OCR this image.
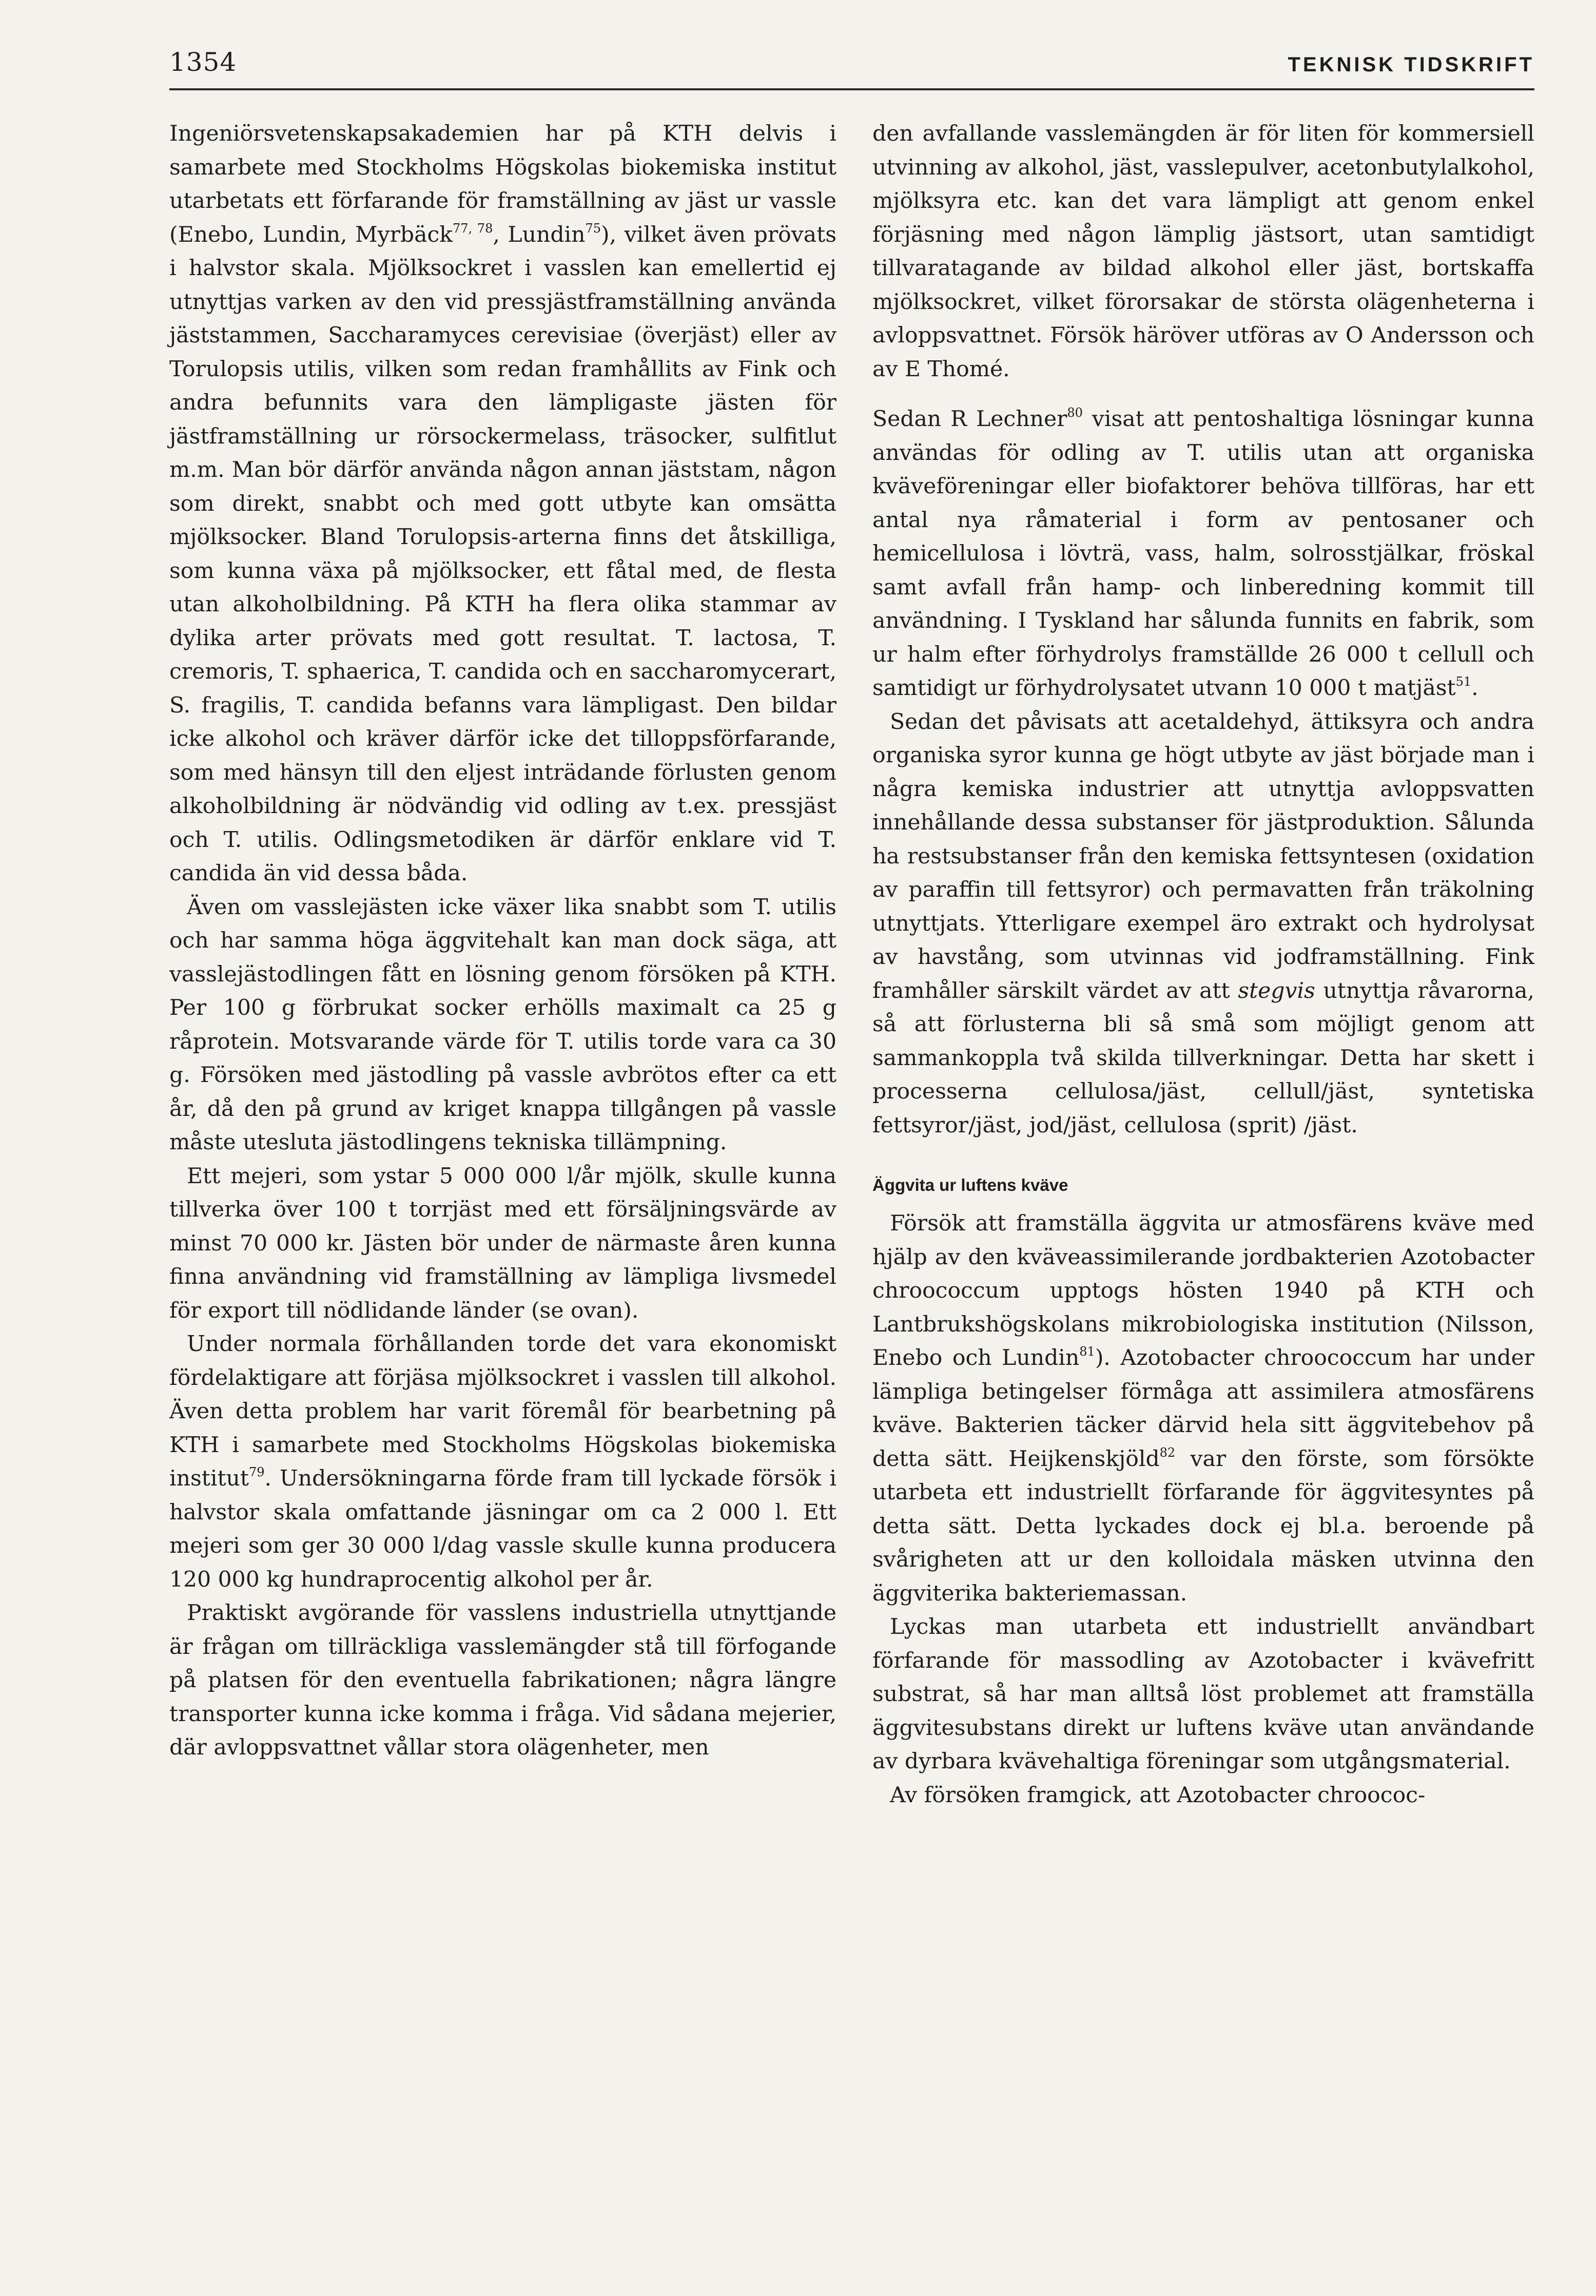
1354	TEKNISK TIDSKRIFT

Ingeniörsvetenskapsakademien har på KTH delvis i samarbete med Stockholms Högskolas biokemiska institut utarbetats ett förfarande för framställning av jäst ur vassle (Enebo, Lundin, Myrbäck$^{77, 78}$, Lundin$^{75}$), vilket även prövats i halvstor skala. Mjölksockret i vasslen kan emellertid ej utnyttjas varken av den vid pressjästframställning använda jäststammen, Saccharamyces cerevisiae (överjäst) eller av Torulopsis utilis, vilken som redan framhållits av Fink och andra befunnits vara den lämpligaste jästen för jästframställning ur rörsockermelass, träsocker, sulfitlut m.m. Man bör därför använda någon annan jäststam, någon som direkt, snabbt och med gott utbyte kan omsätta mjölksocker. Bland Torulopsis-arterna finns det åtskilliga, som kunna växa på mjölksocker, ett fåtal med, de flesta utan alkoholbildning. På KTH ha flera olika stammar av dylika arter prövats med gott resultat. T. lactosa, T. cremoris, T. sphaerica, T. candida och en saccharomycerart, S. fragilis, T. candida befanns vara lämpligast. Den bildar icke alkohol och kräver därför icke det tilloppsförfarande, som med hänsyn till den eljest inträdande förlusten genom alkoholbildning är nödvändig vid odling av t.ex. pressjäst och T. utilis. Odlingsmetodiken är därför enklare vid T. candida än vid dessa båda.

Även om vasslejästen icke växer lika snabbt som T. utilis och har samma höga äggvitehalt kan man dock säga, att vasslejästodlingen fått en lösning genom försöken på KTH. Per 100 g förbrukat socker erhölls maximalt ca 25 g råprotein. Motsvarande värde för T. utilis torde vara ca 30 g. Försöken med jästodling på vassle avbrötos efter ca ett år, då den på grund av kriget knappa tillgången på vassle måste utesluta jästodlingens tekniska tillämpning.

Ett mejeri, som ystar 5 000 000 l/år mjölk, skulle kunna tillverka över 100 t torrjäst med ett försäljningsvärde av minst 70 000 kr. Jästen bör under de närmaste åren kunna finna användning vid framställning av lämpliga livsmedel för export till nödlidande länder (se ovan).

Under normala förhållanden torde det vara ekonomiskt fördelaktigare att förjäsa mjölksockret i vasslen till alkohol. Även detta problem har varit föremål för bearbetning på KTH i samarbete med Stockholms Högskolas biokemiska institut$^{79}$. Undersökningarna förde fram till lyckade försök i halvstor skala omfattande jäsningar om ca 2 000 l. Ett mejeri som ger 30 000 l/dag vassle skulle kunna producera 120 000 kg hundraprocentig alkohol per år.

Praktiskt avgörande för vasslens industriella utnyttjande är frågan om tillräckliga vasslemängder stå till förfogande på platsen för den eventuella fabrikationen; några längre transporter kunna icke komma i fråga. Vid sådana mejerier, där avloppsvattnet vållar stora olägenheter, men

den avfallande vasslemängden är för liten för kommersiell utvinning av alkohol, jäst, vasslepulver, acetonbutylalkohol, mjölksyra etc. kan det vara lämpligt att genom enkel förjäsning med någon lämplig jästsort, utan samtidigt tillvaratagande av bildad alkohol eller jäst, bortskaffa mjölksockret, vilket förorsakar de största olägenheterna i avloppsvattnet. Försök häröver utföras av O Andersson och av E Thomé.

Sedan R Lechner$^{80}$ visat att pentoshaltiga lösningar kunna användas för odling av T. utilis utan att organiska kväveföreningar eller biofaktorer behöva tillföras, har ett antal nya råmaterial i form av pentosaner och hemicellulosa i lövträ, vass, halm, solrosstjälkar, fröskal samt avfall från hamp- och linberedning kommit till användning. I Tyskland har sålunda funnits en fabrik, som ur halm efter förhydrolys framställde 26 000 t cellull och samtidigt ur förhydrolysatet utvann 10 000 t matjäst$^{51}$.

Sedan det påvisats att acetaldehyd, ättiksyra och andra organiska syror kunna ge högt utbyte av jäst började man i några kemiska industrier att utnyttja avloppsvatten innehållande dessa substanser för jästproduktion. Sålunda ha restsubstanser från den kemiska fettsyntesen (oxidation av paraffin till fettsyror) och permavatten från träkolning utnyttjats. Ytterligare exempel äro extrakt och hydrolysat av havstång, som utvinnas vid jodframställning. Fink framhåller särskilt värdet av att stegvis utnyttja råvarorna, så att förlusterna bli så små som möjligt genom att sammankoppla två skilda tillverkningar. Detta har skett i processerna cellulosa/jäst, cellull/jäst, syntetiska fettsyror/jäst, jod/jäst, cellulosa (sprit) /jäst.

Äggvita ur luftens kväve

Försök att framställa äggvita ur atmosfärens kväve med hjälp av den kväveassimilerande jordbakterien Azotobacter chroococcum upptogs hösten 1940 på KTH och Lantbrukshögskolans mikrobiologiska institution (Nilsson, Enebo och Lundin$^{81}$). Azotobacter chroococcum har under lämpliga betingelser förmåga att assimilera atmosfärens kväve. Bakterien täcker därvid hela sitt äggvitebehov på detta sätt. Heijkenskjöld$^{82}$ var den förste, som försökte utarbeta ett industriellt förfarande för äggvitesyntes på detta sätt. Detta lyckades dock ej bl.a. beroende på svårigheten att ur den kolloidala mäsken utvinna den äggviterika bakteriemassan.

Lyckas man utarbeta ett industriellt användbart förfarande för massodling av Azotobacter i kvävefritt substrat, så har man alltså löst problemet att framställa äggvitesubstans direkt ur luftens kväve utan användande av dyrbara kvävehaltiga föreningar som utgångsmaterial.

Av försöken framgick, att Azotobacter chroococ-
